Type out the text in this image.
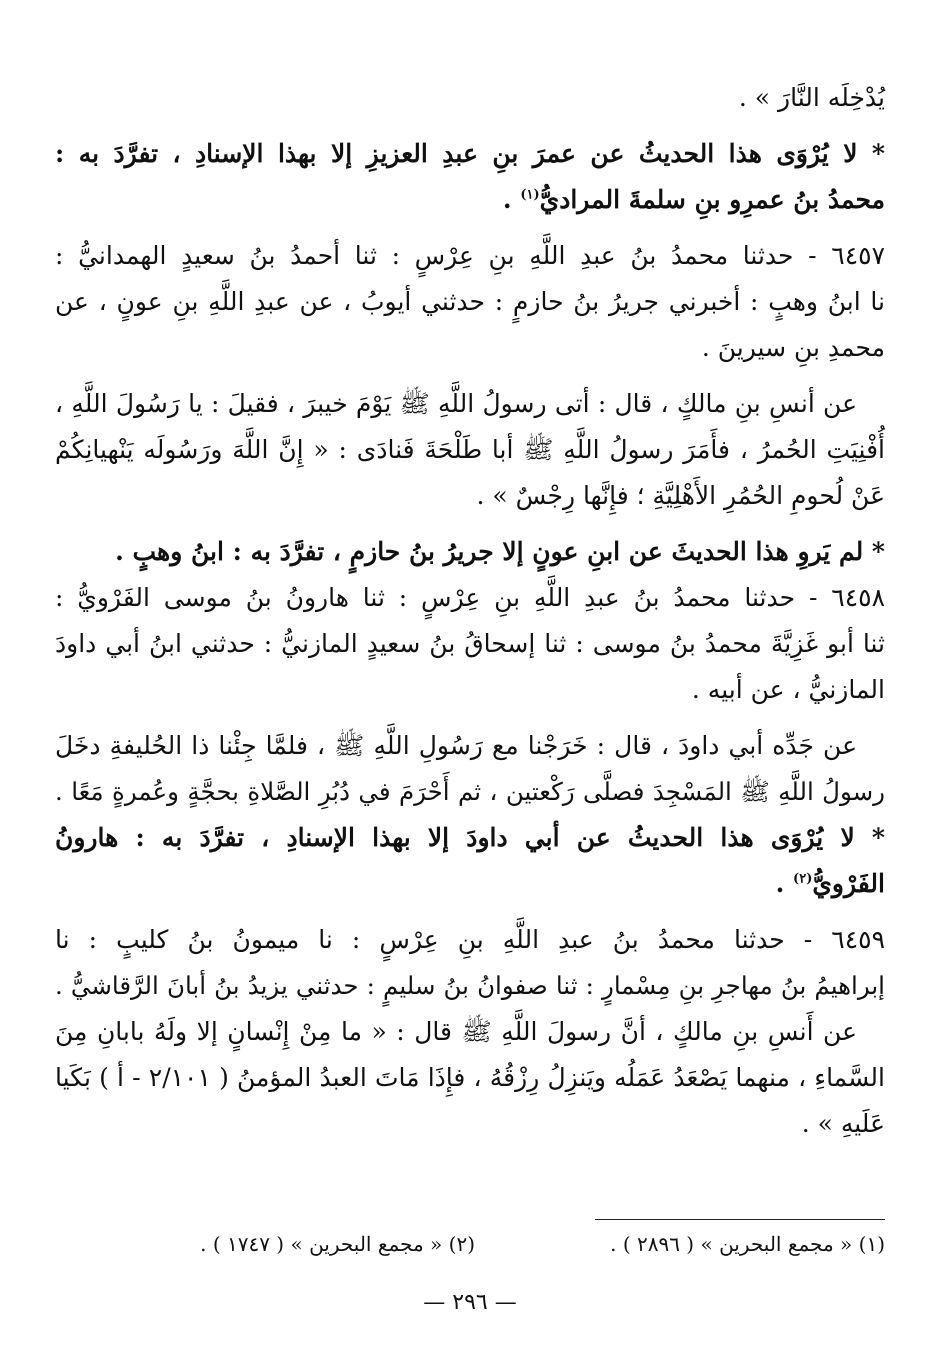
يُدْخِلَه النَّارَ » .
* لا يُرْوَى هذا الحديثُ عن عمرَ بنِ عبدِ العزيزِ إلا بهذا الإسنادِ ، تفرَّدَ به :
محمدُ بنُ عمرِو بنِ سلمةَ المراديُّ$^{(١)}$ .
٦٤٥٧ - حدثنا محمدُ بنُ عبدِ اللَّهِ بنِ عِرْسٍ : ثنا أحمدُ بنُ سعيدٍ الهمدانيُّ :
نا ابنُ وهبٍ : أخبرني جريرُ بنُ حازمٍ : حدثني أيوبُ ، عن عبدِ اللَّهِ بنِ عونٍ ، عن
محمدِ بنِ سيرينَ .
عن أنسِ بنِ مالكٍ ، قال : أتى رسولُ اللَّهِ ﷺ يَوْمَ خيبرَ ، فقيلَ : يا رَسُولَ اللَّهِ ،
أُفْنِيَتِ الحُمرُ ، فأَمَرَ رسولُ اللَّهِ ﷺ أبا طَلْحَةَ فَنادَى : « إِنَّ اللَّهَ ورَسُولَه يَنْهيانِكُمْ
عَنْ لُحومِ الحُمُرِ الأَهْلِيَّةِ ؛ فإِنَّها رِجْسٌ » .
* لم يَروِ هذا الحديثَ عن ابنِ عونٍ إلا جريرُ بنُ حازمٍ ، تفرَّدَ به : ابنُ وهبٍ .
٦٤٥٨ - حدثنا محمدُ بنُ عبدِ اللَّهِ بنِ عِرْسٍ : ثنا هارونُ بنُ موسى الفَرْويُّ :
ثنا أبو غَزِيَّةَ محمدُ بنُ موسى : ثنا إسحاقُ بنُ سعيدٍ المازنيُّ : حدثني ابنُ أبي داودَ
المازنيُّ ، عن أبيه .
عن جَدِّه أبي داودَ ، قال : خَرَجْنا مع رَسُولِ اللَّهِ ﷺ ، فلمَّا جِئْنا ذا الحُليفةِ دخَلَ
رسولُ اللَّهِ ﷺ المَسْجِدَ فصلَّى رَكْعتين ، ثم أَحْرَمَ في دُبُرِ الصَّلاةِ بحجَّةٍ وعُمرةٍ مَعًا .
* لا يُرْوَى هذا الحديثُ عن أبي داودَ إلا بهذا الإسنادِ ، تفرَّدَ به : هارونُ
الفَرْويُّ$^{(٢)}$ .
٦٤٥٩ - حدثنا محمدُ بنُ عبدِ اللَّهِ بنِ عِرْسٍ : نا ميمونُ بنُ كليبٍ : نا
إبراهيمُ بنُ مهاجرِ بنِ مِسْمارٍ : ثنا صفوانُ بنُ سليمٍ : حدثني يزيدُ بنُ أبانَ الرَّقاشيُّ .
عن أَنسِ بنِ مالكٍ ، أنَّ رسولَ اللَّهِ ﷺ قال : « ما مِنْ إِنْسانٍ إلا ولَهُ بابانِ مِنَ
السَّماءِ ، منهما يَصْعَدُ عَمَلُه ويَنزِلُ رِزْقُهُ ، فإِذَا مَاتَ العبدُ المؤمنُ ( ٢/١٠١ - أ ) بَكَيا
عَلَيهِ » .
(١) « مجمع البحرين » ( ٢٨٩٦ ) .
(٢) « مجمع البحرين » ( ١٧٤٧ ) .
— ٢٩٦ —
